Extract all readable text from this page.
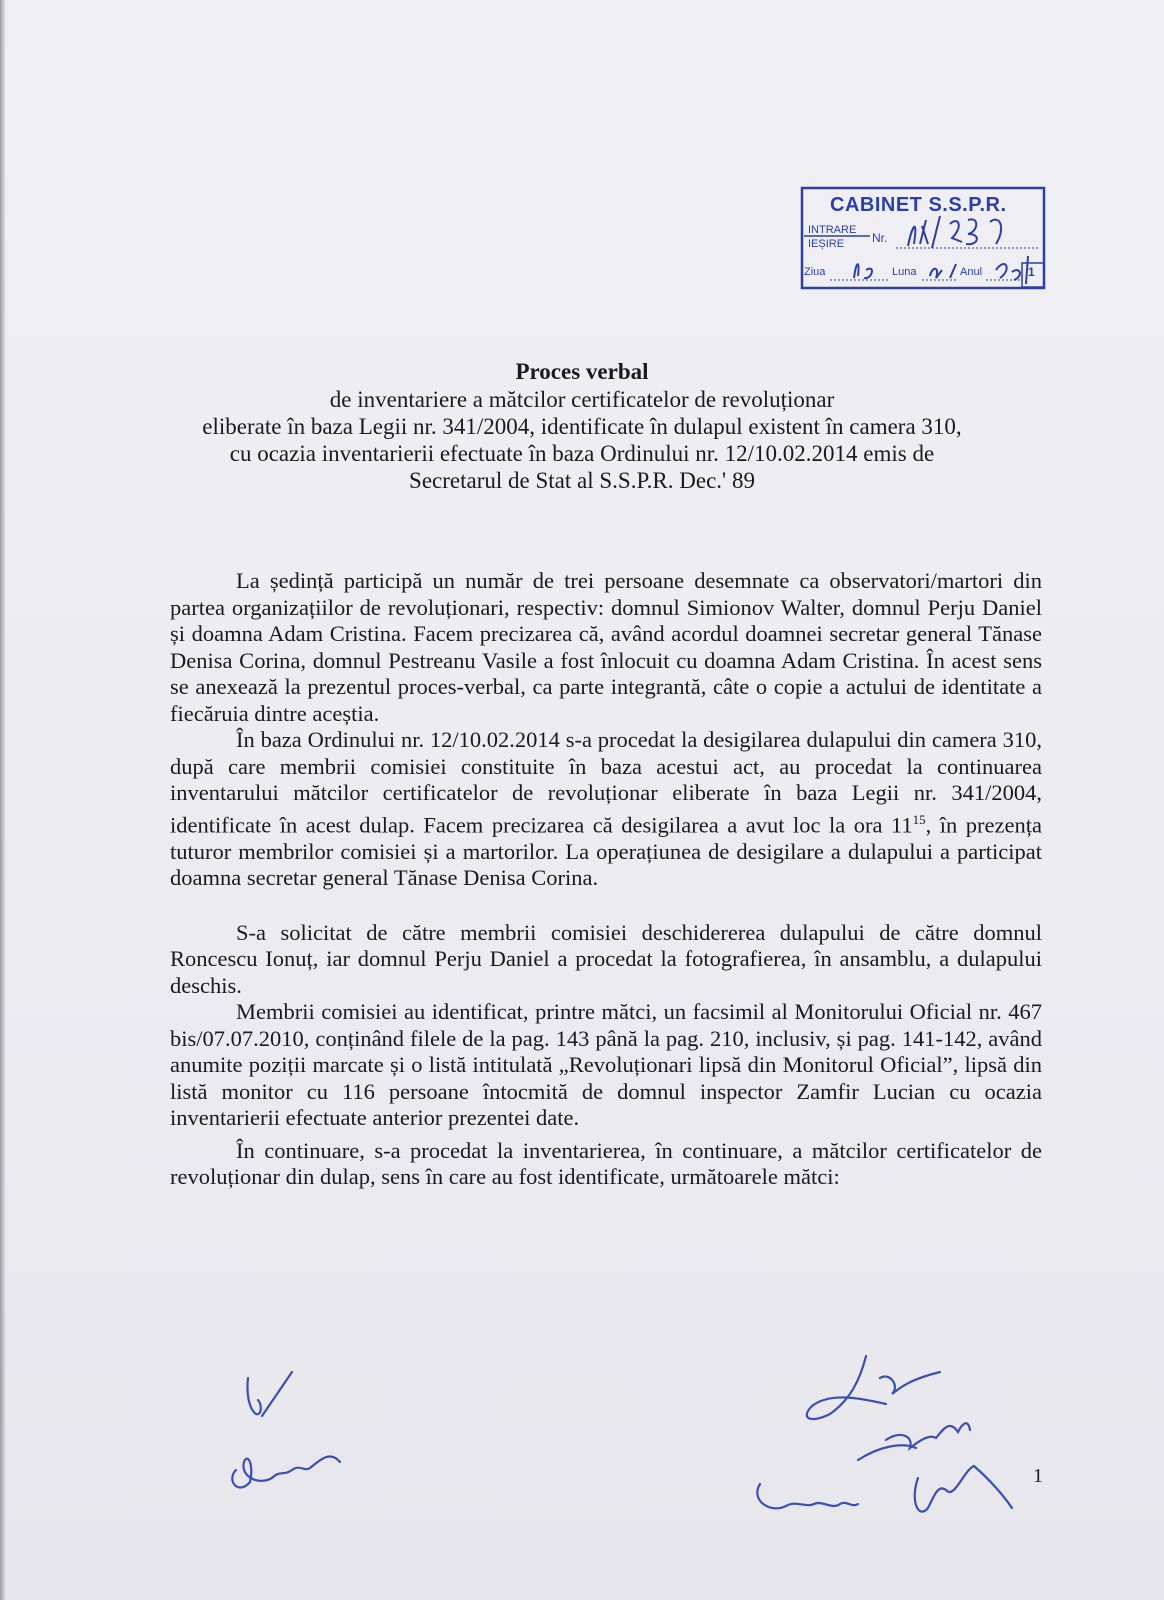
CABINET S.S.P.R.
INTRARE
IEȘIRE Nr.
Ziua	Luna	Anul	1
Proces verbal
de inventariere a mătcilor certificatelor de revoluționar
eliberate în baza Legii nr. 341/2004, identificate în dulapul existent în camera 310,
cu ocazia inventarierii efectuate în baza Ordinului nr. 12/10.02.2014 emis de
Secretarul de Stat al S.S.P.R. Dec.' 89

La ședință participă un număr de trei persoane desemnate ca observatori/martori din partea organizațiilor de revoluționari, respectiv: domnul Simionov Walter, domnul Perju Daniel și doamna Adam Cristina. Facem precizarea că, având acordul doamnei secretar general Tănase Denisa Corina, domnul Pestreanu Vasile a fost înlocuit cu doamna Adam Cristina. În acest sens se anexează la prezentul proces-verbal, ca parte integrantă, câte o copie a actului de identitate a fiecăruia dintre aceștia.

În baza Ordinului nr. 12/10.02.2014 s-a procedat la desigilarea dulapului din camera 310, după care membrii comisiei constituite în baza acestui act, au procedat la continuarea inventarului mătcilor certificatelor de revoluționar eliberate în baza Legii nr. 341/2004, identificate în acest dulap. Facem precizarea că desigilarea a avut loc la ora $11^{15}$, în prezența tuturor membrilor comisiei și a martorilor. La operațiunea de desigilare a dulapului a participat doamna secretar general Tănase Denisa Corina.

S-a solicitat de către membrii comisiei deschidererea dulapului de către domnul Roncescu Ionuț, iar domnul Perju Daniel a procedat la fotografierea, în ansamblu, a dulapului deschis.

Membrii comisiei au identificat, printre mătci, un facsimil al Monitorului Oficial nr. 467 bis/07.07.2010, conținând filele de la pag. 143 până la pag. 210, inclusiv, și pag. 141-142, având anumite poziții marcate și o listă intitulată „Revoluționari lipsă din Monitorul Oficial”, lipsă din listă monitor cu 116 persoane întocmită de domnul inspector Zamfir Lucian cu ocazia inventarierii efectuate anterior prezentei date.

În continuare, s-a procedat la inventarierea, în continuare, a mătcilor certificatelor de revoluționar din dulap, sens în care au fost identificate, următoarele mătci:

1
